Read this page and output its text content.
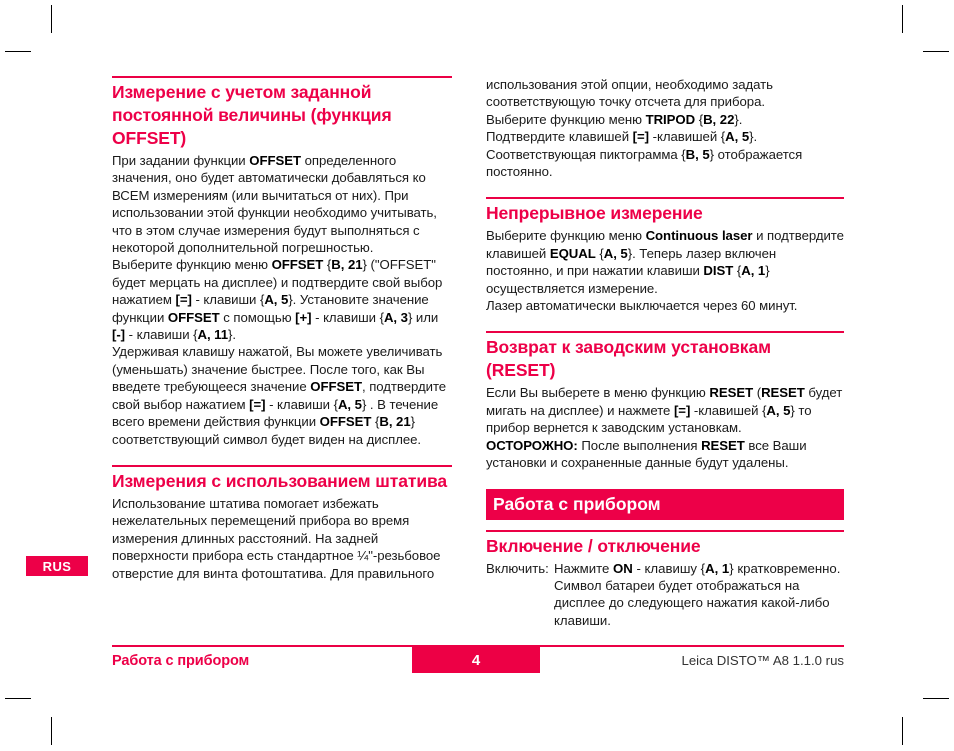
Измерение с учетом заданной постоянной величины (функция OFFSET)

При задании функции OFFSET определенного значения, оно будет автоматически добавляться ко ВСЕМ измерениям (или вычитаться от них). При использовании этой функции необходимо учитывать, что в этом случае измерения будут выполняться с некоторой дополнительной погрешностью.

Выберите функцию меню OFFSET {B, 21} ("OFFSET" будет мерцать на дисплее) и подтвердите свой выбор нажатием [=] - клавиши {A, 5}. Установите значение функции OFFSET с помощью [+] - клавиши {A, 3} или [-] - клавиши {A, 11}.

Удерживая клавишу нажатой, Вы можете увеличивать (уменьшать) значение быстрее. После того, как Вы введете требующееся значение OFFSET, подтвердите свой выбор нажатием [=] - клавиши {A, 5} . В течение всего времени действия функции OFFSET {B, 21} соответствующий символ будет виден на дисплее.

Измерения с использованием штатива

Использование штатива помогает избежать нежелательных перемещений прибора во время измерения длинных расстояний. На задней поверхности прибора есть стандартное ¼"-резьбовое отверстие для винта фотоштатива. Для правильного

использования этой опции, необходимо задать соответствующую точку отсчета для прибора.

Выберите функцию меню TRIPOD {B, 22}.

Подтвердите клавишей [=] -клавишей {A, 5}.

Соответствующая пиктограмма {B, 5} отображается постоянно.

Непрерывное измерение

Выберите функцию меню Continuous laser и подтвердите клавишей EQUAL {A, 5}. Теперь лазер включен постоянно, и при нажатии клавиши DIST {A, 1} осуществляется измерение.

Лазер автоматически выключается через 60 минут.

Возврат к заводским установкам (RESET)

Если Вы выберете в меню функцию RESET (RESET будет мигать на дисплее) и нажмете [=] -клавишей {A, 5} то прибор вернется к заводским установкам.

ОСТОРОЖНО: После выполнения RESET все Ваши установки и сохраненные данные будут удалены.

Работа с прибором
Включение / отключение
Включить: Нажмите ON - клавишу {A, 1} кратковременно. Символ батареи будет отображаться на дисплее до следующего нажатия какой-либо клавиши.
RUS
Работа с прибором	4	Leica DISTO™ A8 1.1.0 rus
